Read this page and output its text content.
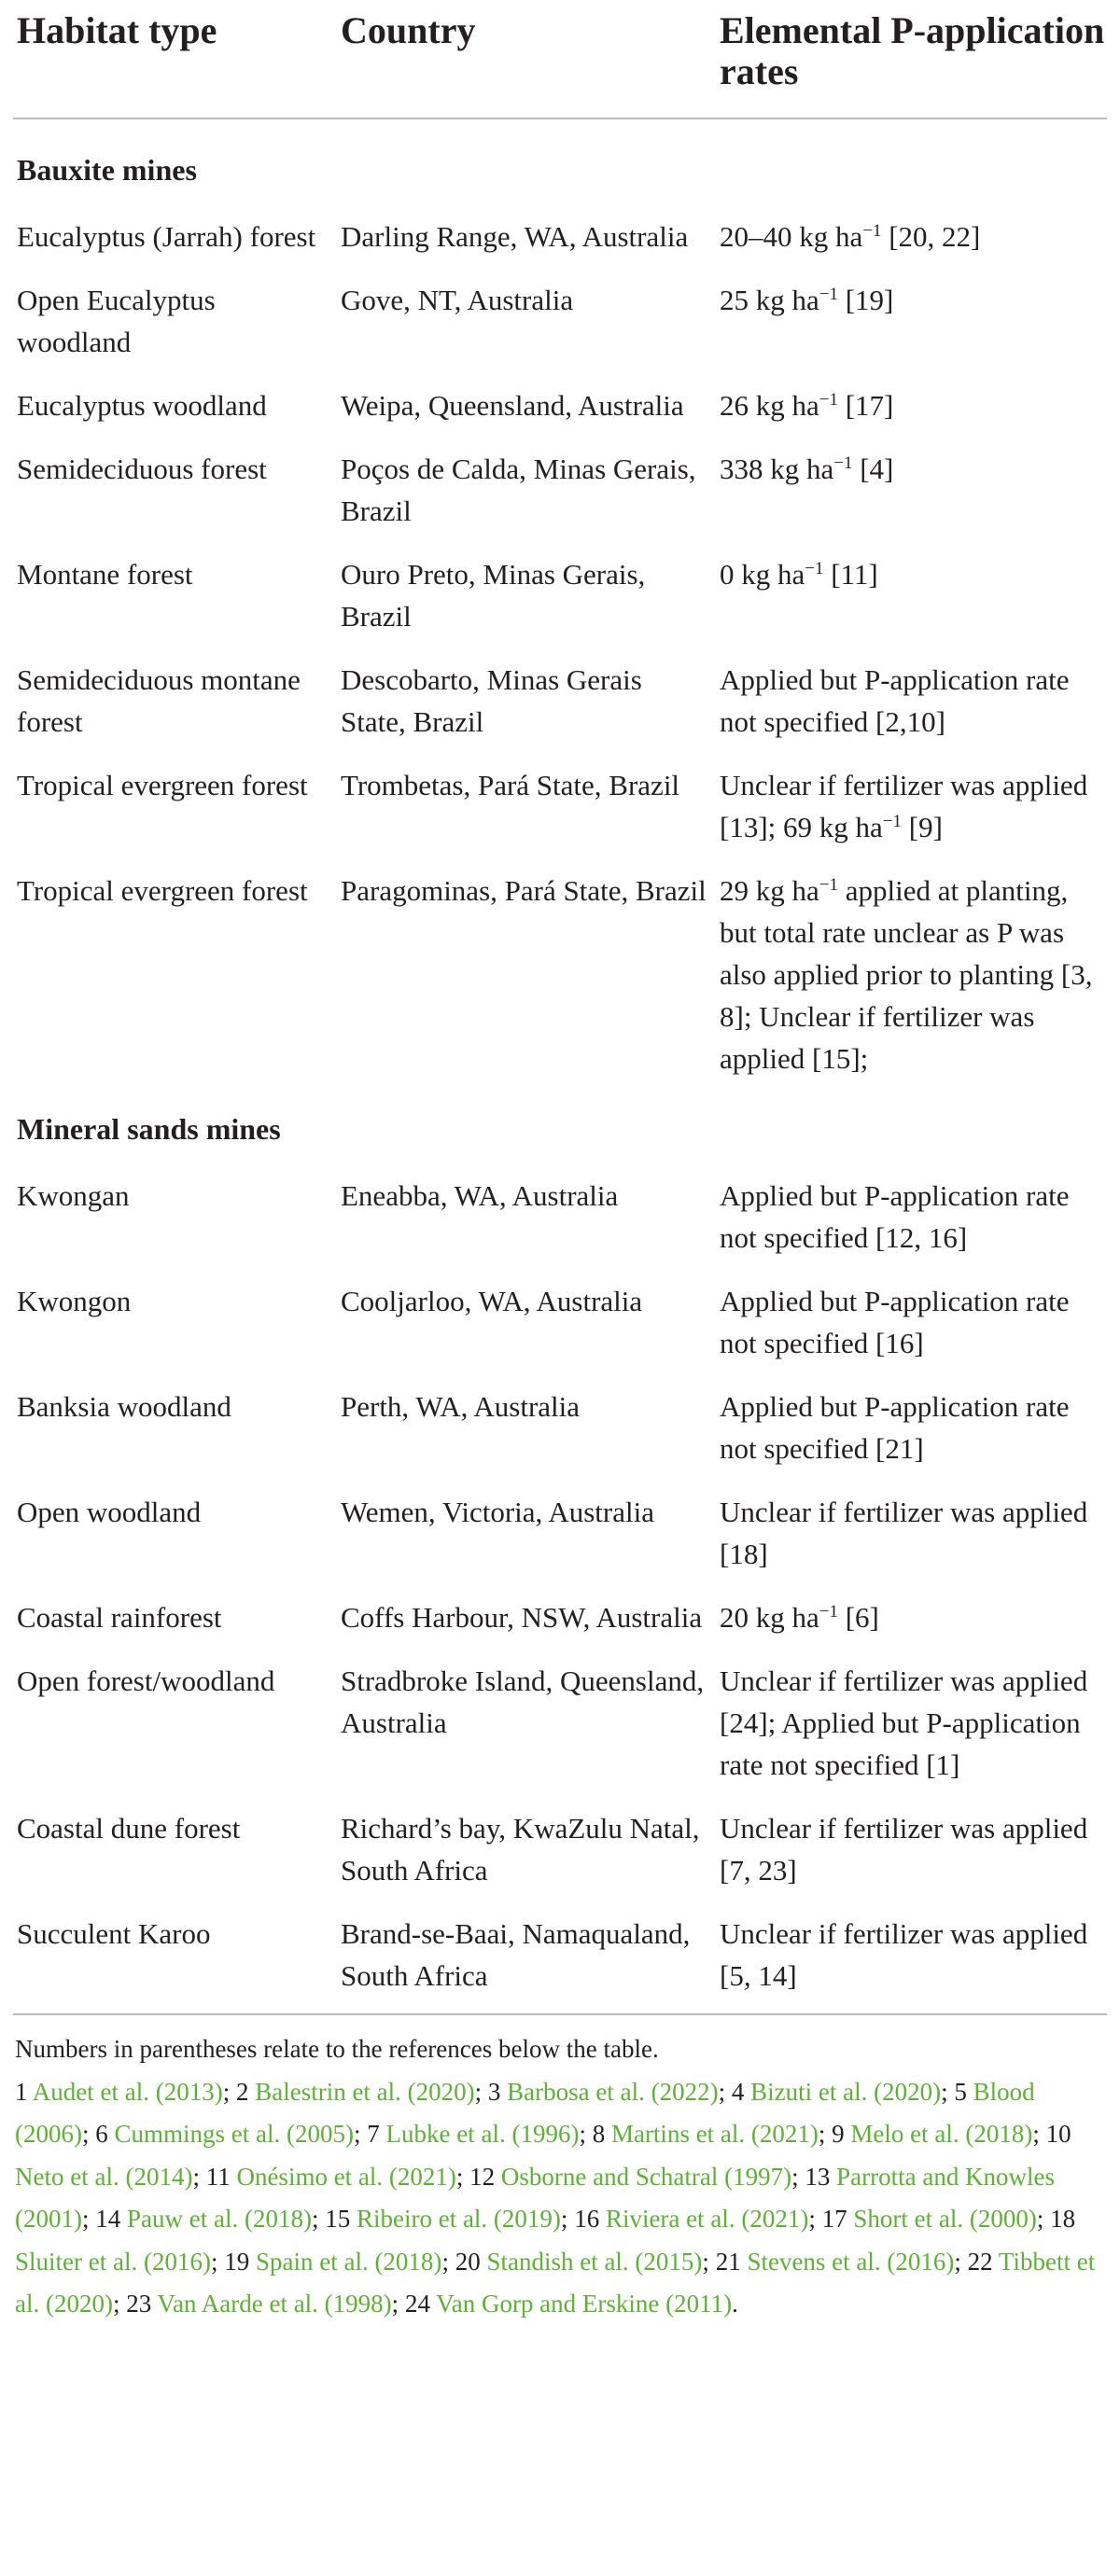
Habitat type	Country	Elemental P-application rates
Bauxite mines		
Eucalyptus (Jarrah) forest	Darling Range, WA, Australia	20–40 kg $ha^{-1}$ [20, 22]
Open Eucalyptus woodland	Gove, NT, Australia	25 kg $ha^{-1}$ [19]
Eucalyptus woodland	Weipa, Queensland, Australia	26 kg $ha^{-1}$ [17]
Semideciduous forest	Poços de Calda, Minas Gerais, Brazil	338 kg $ha^{-1}$ [4]
Montane forest	Ouro Preto, Minas Gerais, Brazil	0 kg $ha^{-1}$ [11]
Semideciduous montane forest	Descobarto, Minas Gerais State, Brazil	Applied but P-application rate not specified [2,10]
Tropical evergreen forest	Trombetas, Pará State, Brazil	Unclear if fertilizer was applied [13]; 69 kg $ha^{-1}$ [9]
Tropical evergreen forest	Paragominas, Pará State, Brazil	29 kg $ha^{-1}$ applied at planting, but total rate unclear as P was also applied prior to planting [3, 8]; Unclear if fertilizer was applied [15];
Mineral sands mines		
Kwongan	Eneabba, WA, Australia	Applied but P-application rate not specified [12, 16]
Kwongon	Cooljarloo, WA, Australia	Applied but P-application rate not specified [16]
Banksia woodland	Perth, WA, Australia	Applied but P-application rate not specified [21]
Open woodland	Wemen, Victoria, Australia	Unclear if fertilizer was applied [18]
Coastal rainforest	Coffs Harbour, NSW, Australia	20 kg $ha^{-1}$ [6]
Open forest/woodland	Stradbroke Island, Queensland, Australia	Unclear if fertilizer was applied [24]; Applied but P-application rate not specified [1]
Coastal dune forest	Richard’s bay, KwaZulu Natal, South Africa	Unclear if fertilizer was applied [7, 23]
Succulent Karoo	Brand-se-Baai, Namaqualand, South Africa	Unclear if fertilizer was applied [5, 14]
Numbers in parentheses relate to the references below the table.
1 Audet et al. (2013); 2 Balestrin et al. (2020); 3 Barbosa et al. (2022); 4 Bizuti et al. (2020); 5 Blood (2006); 6 Cummings et al. (2005); 7 Lubke et al. (1996); 8 Martins et al. (2021); 9 Melo et al. (2018); 10 Neto et al. (2014); 11 Onésimo et al. (2021); 12 Osborne and Schatral (1997); 13 Parrotta and Knowles (2001); 14 Pauw et al. (2018); 15 Ribeiro et al. (2019); 16 Riviera et al. (2021); 17 Short et al. (2000); 18 Sluiter et al. (2016); 19 Spain et al. (2018); 20 Standish et al. (2015); 21 Stevens et al. (2016); 22 Tibbett et al. (2020); 23 Van Aarde et al. (1998); 24 Van Gorp and Erskine (2011).
